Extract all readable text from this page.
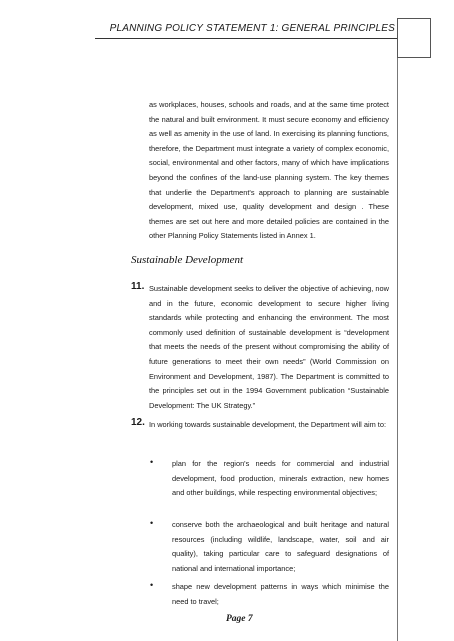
PLANNING POLICY STATEMENT 1: GENERAL PRINCIPLES

as workplaces, houses, schools and roads, and at the same time protect the natural and built environment. It must secure economy and efficiency as well as amenity in the use of land. In exercising its planning functions, therefore, the Department must integrate a variety of complex economic, social, environmental and other factors, many of which have implications beyond the confines of the land-use planning system. The key themes that underlie the Department's approach to planning are sustainable development, mixed use, quality development and design . These themes are set out here and more detailed policies are contained in the other Planning Policy Statements listed in Annex 1.

Sustainable Development
11. Sustainable development seeks to deliver the objective of achieving, now and in the future, economic development to secure higher living standards while protecting and enhancing the environment. The most commonly used definition of sustainable development is “development that meets the needs of the present without compromising the ability of future generations to meet their own needs” (World Commission on Environment and Development, 1987). The Department is committed to the principles set out in the 1994 Government publication “Sustainable Development: The UK Strategy.”

12. In working towards sustainable development, the Department will aim to:

•	plan for the region's needs for commercial and industrial development, food production, minerals extraction, new homes and other buildings, while respecting environmental objectives;

•	conserve both the archaeological and built heritage and natural resources (including wildlife, landscape, water, soil and air quality), taking particular care to safeguard designations of national and international importance;

•	shape new development patterns in ways which minimise the need to travel;

Page 7
